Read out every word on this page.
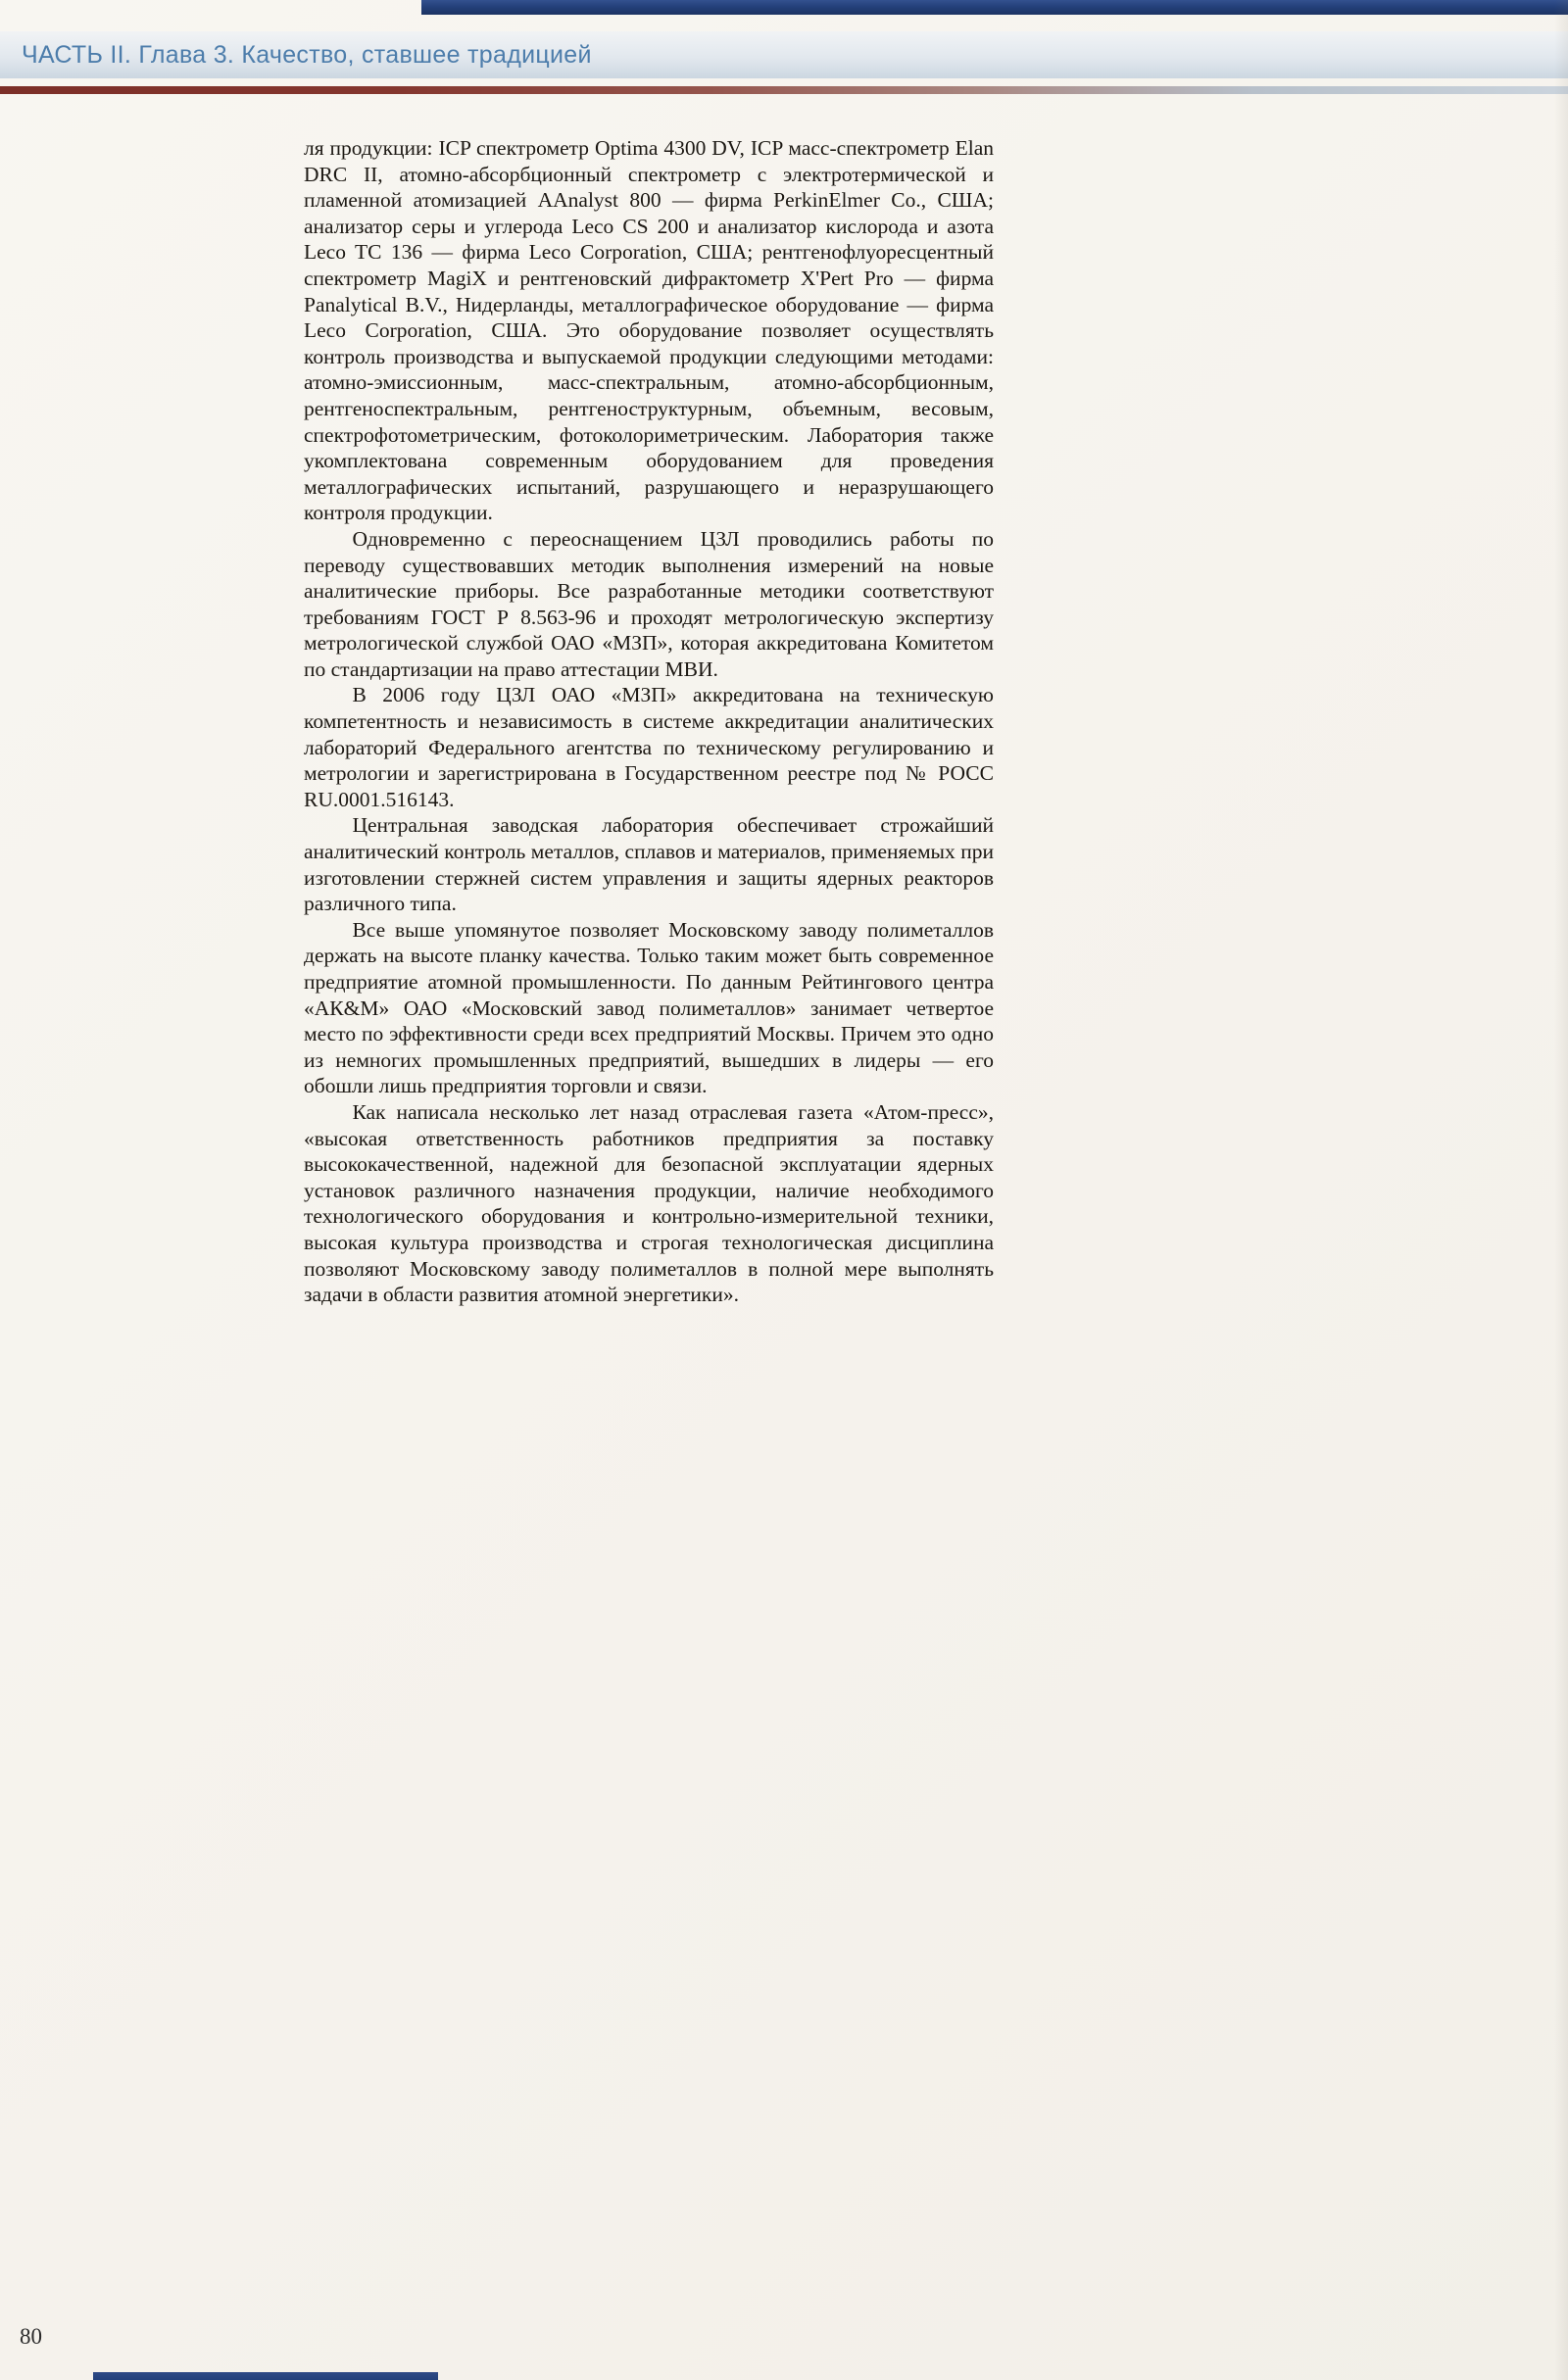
ЧАСТЬ II. Глава 3. Качество, ставшее традицией

ля продукции: ICP спектрометр Optima 4300 DV, ICP масс-спектрометр Elan DRC II, атомно-абсорбционный спектрометр с электротермической и пламенной атомизацией AAnalyst 800 — фирма PerkinElmer Co., США; анализатор серы и углерода Leco CS 200 и анализатор кислорода и азота Leco TC 136 — фирма Leco Corporation, США; рентгенофлуоресцентный спектрометр MagiX и рентгеновский дифрактометр X'Pert Pro — фирма Panalytical B.V., Нидерланды, металлографическое оборудование — фирма Leco Corporation, США. Это оборудование позволяет осуществлять контроль производства и выпускаемой продукции следующими методами: атомно-эмиссионным, масс-спектральным, атомно-абсорбционным, рентгеноспектральным, рентгеноструктурным, объемным, весовым, спектрофотометрическим, фотоколориметрическим. Лаборатория также укомплектована современным оборудованием для проведения металлографических испытаний, разрушающего и неразрушающего контроля продукции.

Одновременно с переоснащением ЦЗЛ проводились работы по переводу существовавших методик выполнения измерений на новые аналитические приборы. Все разработанные методики соответствуют требованиям ГОСТ Р 8.563-96 и проходят метрологическую экспертизу метрологической службой ОАО «МЗП», которая аккредитована Комитетом по стандартизации на право аттестации МВИ.

В 2006 году ЦЗЛ ОАО «МЗП» аккредитована на техническую компетентность и независимость в системе аккредитации аналитических лабораторий Федерального агентства по техническому регулированию и метрологии и зарегистрирована в Государственном реестре под № РОСС RU.0001.516143.

Центральная заводская лаборатория обеспечивает строжайший аналитический контроль металлов, сплавов и материалов, применяемых при изготовлении стержней систем управления и защиты ядерных реакторов различного типа.

Все выше упомянутое позволяет Московскому заводу полиметаллов держать на высоте планку качества. Только таким может быть современное предприятие атомной промышленности. По данным Рейтингового центра «АК&М» ОАО «Московский завод полиметаллов» занимает четвертое место по эффективности среди всех предприятий Москвы. Причем это одно из немногих промышленных предприятий, вышедших в лидеры — его обошли лишь предприятия торговли и связи.

Как написала несколько лет назад отраслевая газета «Атом-пресс», «высокая ответственность работников предприятия за поставку высококачественной, надежной для безопасной эксплуатации ядерных установок различного назначения продукции, наличие необходимого технологического оборудования и контрольно-измерительной техники, высокая культура производства и строгая технологическая дисциплина позволяют Московскому заводу полиметаллов в полной мере выполнять задачи в области развития атомной энергетики».

80
